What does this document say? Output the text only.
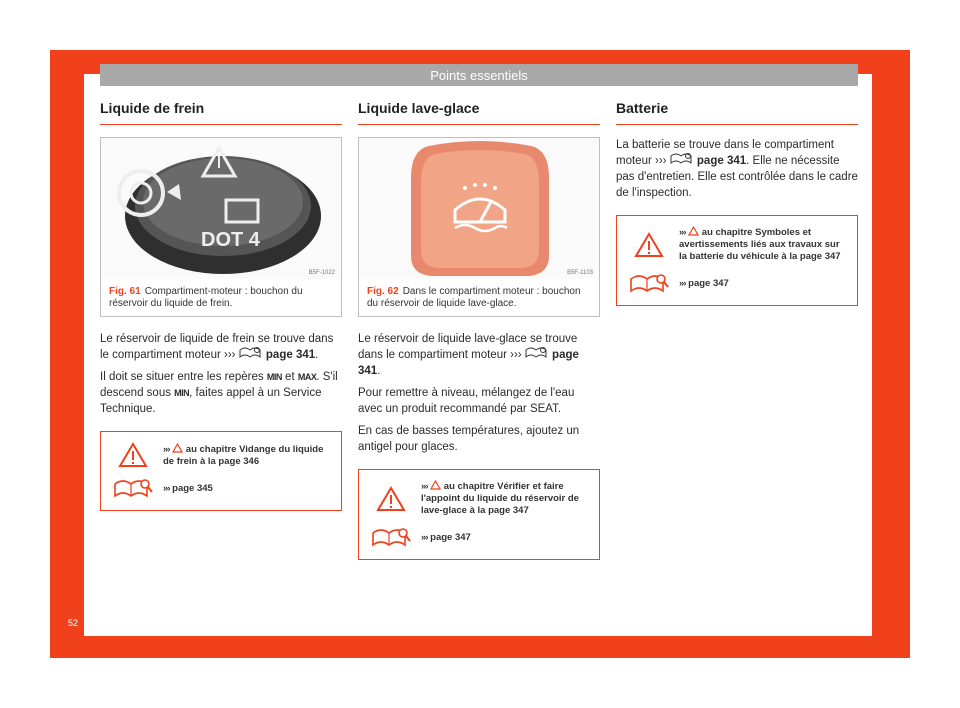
Points essentiels
Liquide de frein
DOT 4
B5F-1022
Fig. 61 Compartiment-moteur : bouchon du réservoir du liquide de frein.

Le réservoir de liquide de frein se trouve dans le compartiment moteur ›››	page 341.

Il doit se situer entre les repères MIN et MAX. S'il descend sous MIN, faites appel à un Service Technique.

››› au chapitre Vidange du liquide de frein à la page 346
››› page 345
Liquide lave-glace
B5F-1103
Fig. 62 Dans le compartiment moteur : bouchon du réservoir de liquide lave-glace.

Le réservoir de liquide lave-glace se trouve dans le compartiment moteur ›››	page 341.

Pour remettre à niveau, mélangez de l'eau avec un produit recommandé par SEAT.

En cas de basses températures, ajoutez un antigel pour glaces.

››› au chapitre Vérifier et faire l'appoint du liquide du réservoir de lave-glace à la page 347
››› page 347
Batterie

La batterie se trouve dans le compartiment moteur ›››	page 341. Elle ne nécessite pas d'entretien. Elle est contrôlée dans le cadre de l'inspection.

››› au chapitre Symboles et avertissements liés aux travaux sur la batterie du véhicule à la page 347
››› page 347
52
